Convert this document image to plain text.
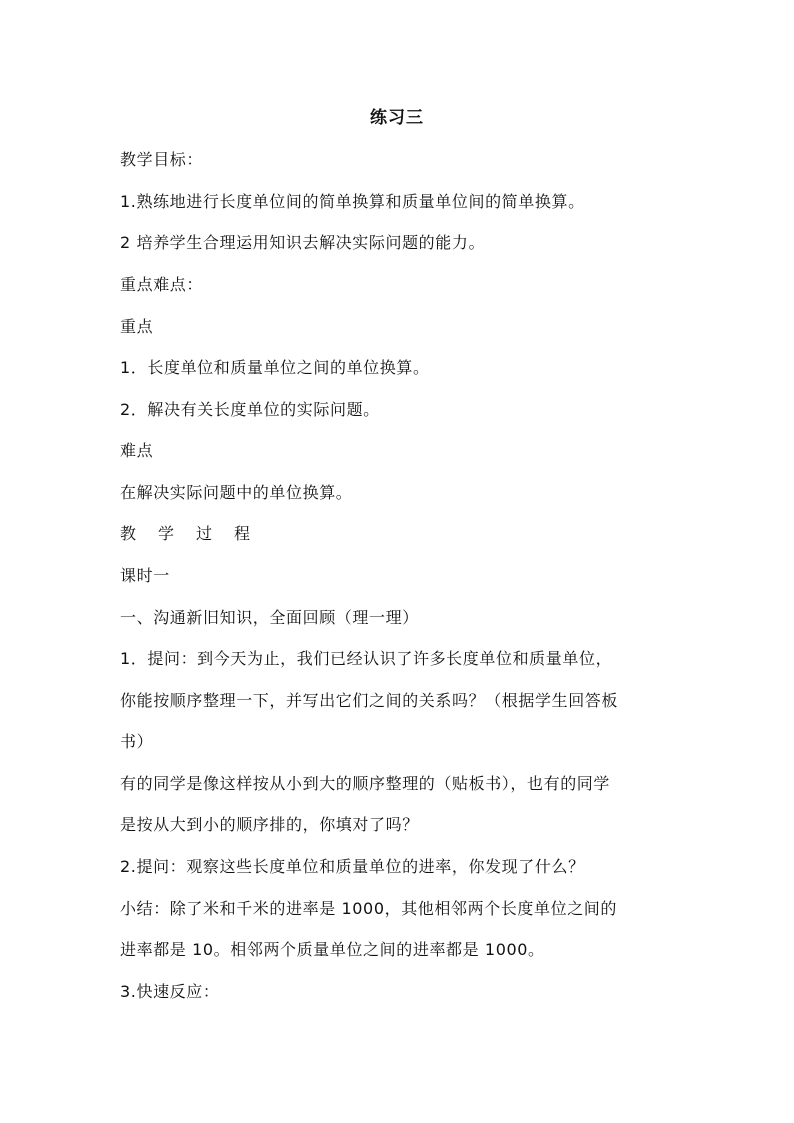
练习三
教学目标：
1.熟练地进行长度单位间的简单换算和质量单位间的简单换算。
2 培养学生合理运用知识去解决实际问题的能力。
重点难点：
重点
1．长度单位和质量单位之间的单位换算。
2．解决有关长度单位的实际问题。
难点
在解决实际问题中的单位换算。
教学过程
课时一
一、沟通新旧知识，全面回顾（理一理）
1．提问：到今天为止，我们已经认识了许多长度单位和质量单位，
你能按顺序整理一下，并写出它们之间的关系吗？（根据学生回答板
书）
有的同学是像这样按从小到大的顺序整理的（贴板书），也有的同学
是按从大到小的顺序排的，你填对了吗？
2.提问：观察这些长度单位和质量单位的进率，你发现了什么？
小结：除了米和千米的进率是 1000，其他相邻两个长度单位之间的
进率都是 10。相邻两个质量单位之间的进率都是 1000。
3.快速反应：
